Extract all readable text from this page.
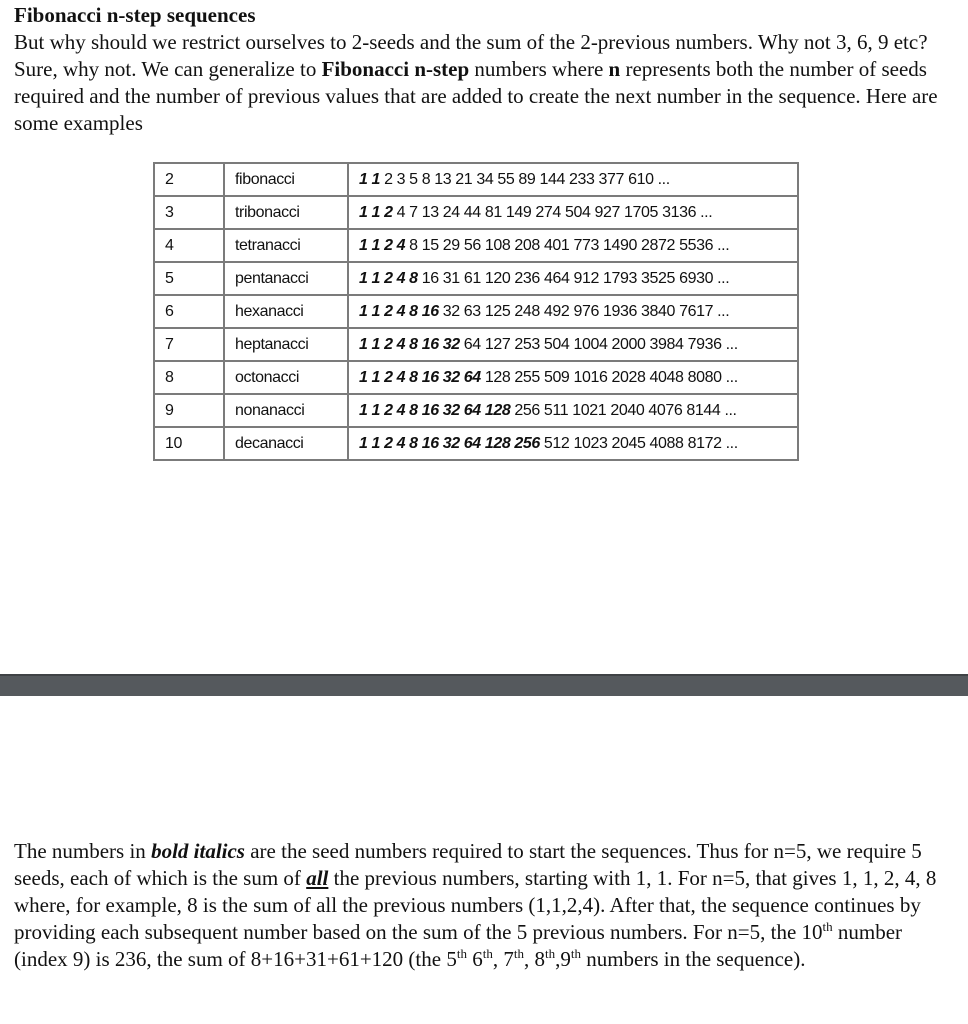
Fibonacci n-step sequences

But why should we restrict ourselves to 2-seeds and the sum of the 2-previous numbers. Why not 3, 6, 9 etc? Sure, why not. We can generalize to Fibonacci n-step numbers where n represents both the number of seeds required and the number of previous values that are added to create the next number in the sequence. Here are some examples

2	fibonacci	1 1 2 3 5 8 13 21 34 55 89 144 233 377 610 ...
3	tribonacci	1 1 2 4 7 13 24 44 81 149 274 504 927 1705 3136 ...
4	tetranacci	1 1 2 4 8 15 29 56 108 208 401 773 1490 2872 5536 ...
5	pentanacci	1 1 2 4 8 16 31 61 120 236 464 912 1793 3525 6930 ...
6	hexanacci	1 1 2 4 8 16 32 63 125 248 492 976 1936 3840 7617 ...
7	heptanacci	1 1 2 4 8 16 32 64 127 253 504 1004 2000 3984 7936 ...
8	octonacci	1 1 2 4 8 16 32 64 128 255 509 1016 2028 4048 8080 ...
9	nonanacci	1 1 2 4 8 16 32 64 128 256 511 1021 2040 4076 8144 ...
10	decanacci	1 1 2 4 8 16 32 64 128 256 512 1023 2045 4088 8172 ...

The numbers in bold italics are the seed numbers required to start the sequences. Thus for n=5, we require 5 seeds, each of which is the sum of all the previous numbers, starting with 1, 1. For n=5, that gives 1, 1, 2, 4, 8 where, for example, 8 is the sum of all the previous numbers (1,1,2,4). After that, the sequence continues by providing each subsequent number based on the sum of the 5 previous numbers. For n=5, the 10th number (index 9) is 236, the sum of 8+16+31+61+120 (the 5th 6th, 7th, 8th,9th numbers in the sequence).
